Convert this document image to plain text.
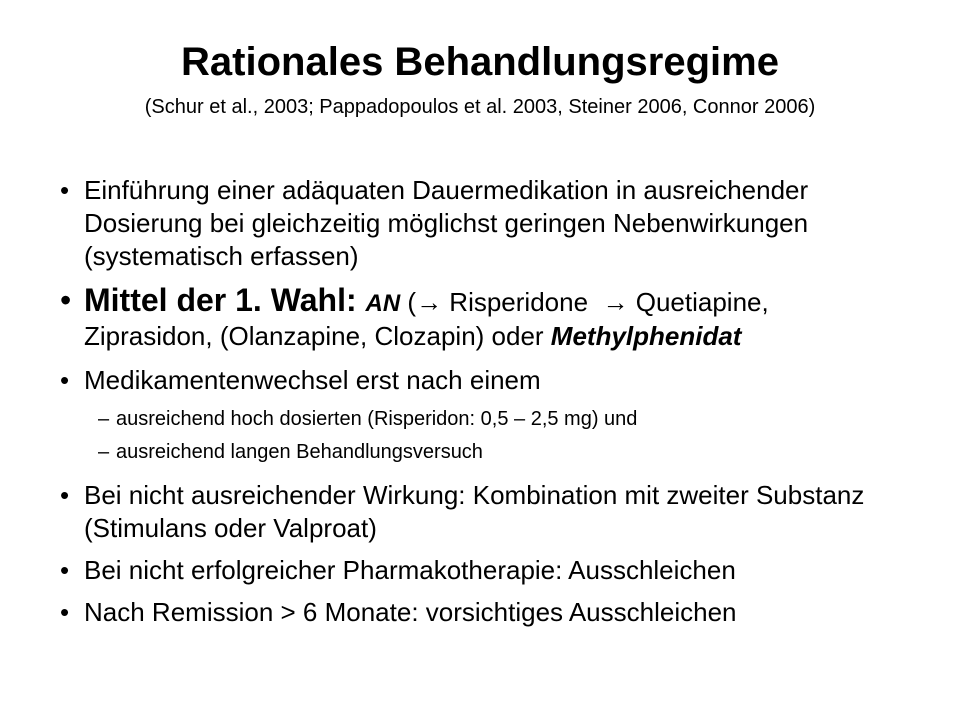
Rationales Behandlungsregime
(Schur et al., 2003; Pappadopoulos et al. 2003, Steiner 2006, Connor 2006)
• Einführung einer adäquaten Dauermedikation in ausreichender Dosierung bei gleichzeitig möglichst geringen Nebenwirkungen (systematisch erfassen)
• Mittel der 1. Wahl: AN (→ Risperidone  → Quetiapine,
Ziprasidon, (Olanzapine, Clozapin) oder Methylphenidat
• Medikamentenwechsel erst nach einem
– ausreichend hoch dosierten (Risperidon: 0,5 – 2,5 mg) und
– ausreichend langen Behandlungsversuch
• Bei nicht ausreichender Wirkung: Kombination mit zweiter Substanz (Stimulans oder Valproat)
• Bei nicht erfolgreicher Pharmakotherapie: Ausschleichen
• Nach Remission > 6 Monate: vorsichtiges Ausschleichen
